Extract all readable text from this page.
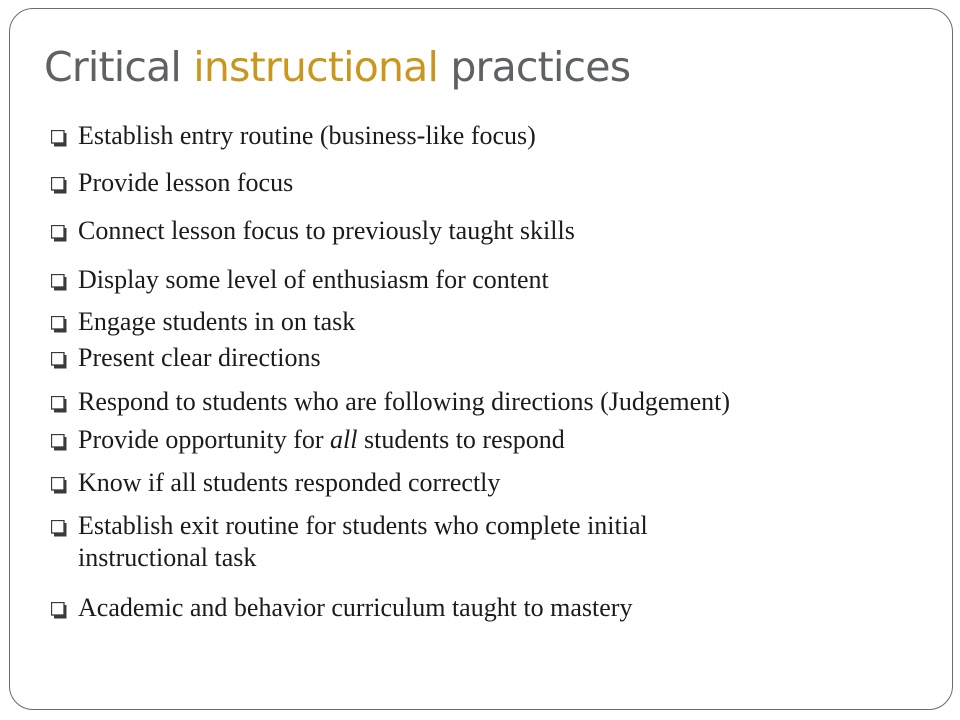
Critical instructional practices
Establish entry routine (business-like focus)
Provide lesson focus
Connect lesson focus to previously taught skills
Display some level of enthusiasm for content
Engage students in on task
Present clear directions
Respond to students who are following directions (Judgement)
Provide opportunity for all students to respond
Know if all students responded correctly
Establish exit routine for students who complete initial
instructional task
Academic and behavior curriculum taught to mastery
